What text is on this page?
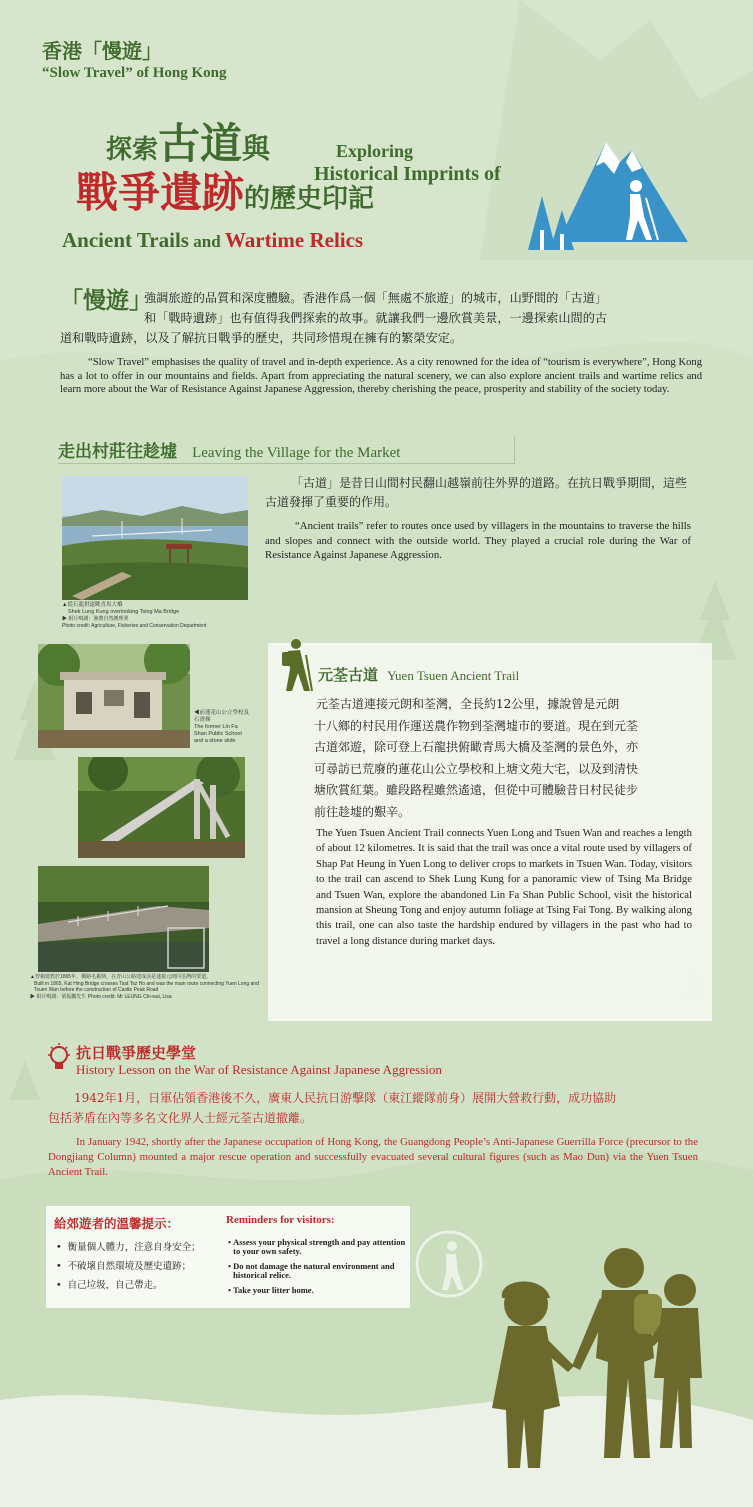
香港「慢遊」
“Slow Travel” of Hong Kong
探索古道與	Exploring
Historical Imprints of
戰爭遺跡的歷史印記
Ancient Trails and Wartime Relics
「慢遊」
強調旅遊的品質和深度體驗。香港作爲一個「無處不旅遊」的城市，山野間的「古道」
和「戰時遺跡」也有值得我們探索的故事。就讓我們一邊欣賞美景，一邊探索山間的古
道和戰時遺跡，以及了解抗日戰爭的歷史，共同珍惜現在擁有的繁榮安定。

“Slow Travel” emphasises the quality of travel and in-depth experience. As a city renowned for the idea of “tourism is everywhere”, Hong Kong has a lot to offer in our mountains and fields. Apart from appreciating the natural scenery, we can also explore ancient trails and wartime relics and learn more about the War of Resistance Against Japanese Aggression, thereby cherishing the peace, prosperity and stability of the society today.

走出村莊往趁墟 Leaving the Village for the Market

「古道」是昔日山間村民翻山越嶺前往外界的道路。在抗日戰爭期間，這些古道發揮了重要的作用。

“Ancient trails” refer to routes once used by villagers in the mountains to traverse the hills and slopes and connect with the outside world. They played a crucial role during the War of Resistance Against Japanese Aggression.

▲從石龍拱遠眺青馬大橋
Shek Lung Kung overlooking Tsing Ma Bridge
▶ 相片鳴謝：漁農自然護理署
Photo credit: Agriculture, Fisheries and Conservation Department
元荃古道 Yuen Tsuen Ancient Trail
元荃古道連接元朗和荃灣，全長約12公里，據說曾是元朗
十八鄉的村民用作運送農作物到荃灣墟市的要道。現在到元荃
古道郊遊，除可登上石龍拱俯瞰青馬大橋及荃灣的景色外，亦
可尋訪已荒廢的蓮花山公立學校和上塘文苑大宅，以及到清快
塘欣賞紅葉。雖段路程雖然遙遠，但從中可體驗昔日村民徒步
前往趁墟的艱辛。

The Yuen Tsuen Ancient Trail connects Yuen Long and Tsuen Wan and reaches a length of about 12 kilometres. It is said that the trail was once a vital route used by villagers of Shap Pat Heung in Yuen Long to deliver crops to markets in Tsuen Wan. Today, visitors to the trail can ascend to Shek Lung Kung for a panoramic view of Tsing Ma Bridge and Tsuen Wan, explore the abandoned Lin Fa Shan Public School, visit the historical mansion at Sheung Tong and enjoy autumn foliage at Tsing Fai Tong. By walking along this trail, one can also taste the hardship endured by villagers in the past who had to travel a long distance during market days.

◀前蓮花山公立學校及石滑梯
The former Lin Fa
Shan Public School
and a stone slide
▲曾楊建碧於1865年，橋路毛掘倒，在青山公路建成前是連接元朗同荃灣的要道。
Built in 1865, Kat Hing Bridge crosses Tsat Tsz Ho and was the main route connecting Yuen Long and Tsuen Wan before the construction of Castle Peak Road
▶ 相片鳴謝：梁振鵬先生 Photo credit: Mr LEUNG Chi-wai, Lisa
抗日戰爭歷史學堂
History Lesson on the War of Resistance Against Japanese Aggression
1942年1月，日軍佔領香港後不久，廣東人民抗日游擊隊（東江縱隊前身）展開大營救行動，成功協助
包括茅盾在內等多名文化界人士經元荃古道撤離。

In January 1942, shortly after the Japanese occupation of Hong Kong, the Guangdong People’s Anti-Japanese Guerrilla Force (precursor to the Dongjiang Column) mounted a major rescue operation and successfully evacuated several cultural figures (such as Mao Dun) via the Yuen Tsuen Ancient Trail.

給郊遊者的溫馨提示：	Reminders for visitors:
•  衡量個人體力，注意自身安全；
•  不破壞自然環境及歷史遺跡；
•  自己垃圾，自己帶走。
• Assess your physical strength and pay attention to your own safety.
• Do not damage the natural environment and historical relice.
• Take your litter home.
